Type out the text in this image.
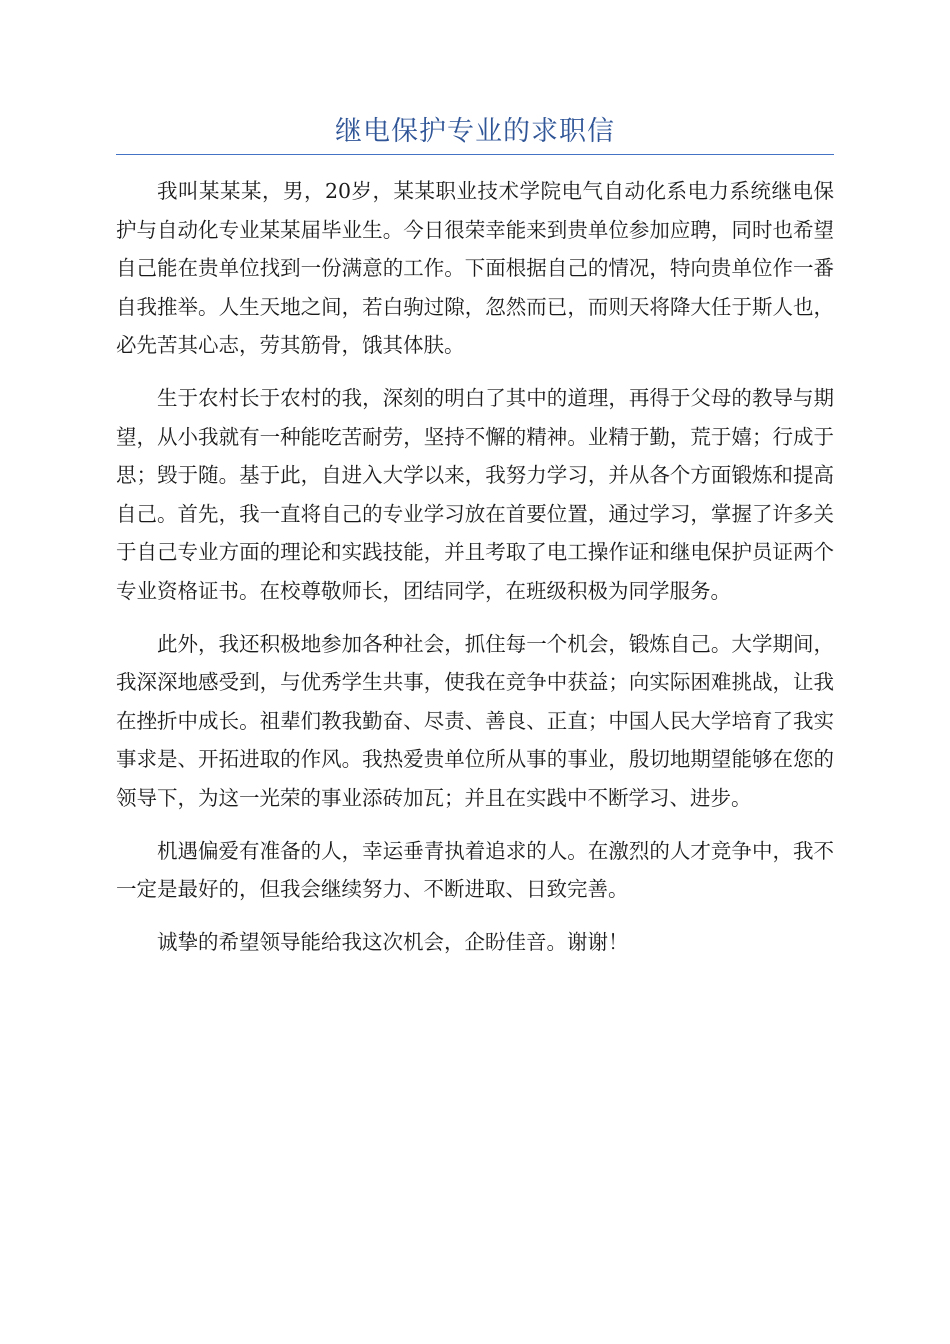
继电保护专业的求职信

我叫某某某，男，20岁，某某职业技术学院电气自动化系电力系统继电保护与自动化专业某某届毕业生。今日很荣幸能来到贵单位参加应聘，同时也希望自己能在贵单位找到一份满意的工作。下面根据自己的情况，特向贵单位作一番自我推举。人生天地之间，若白驹过隙，忽然而已，而则天将降大任于斯人也，必先苦其心志，劳其筋骨，饿其体肤。

生于农村长于农村的我，深刻的明白了其中的道理，再得于父母的教导与期望，从小我就有一种能吃苦耐劳，坚持不懈的精神。业精于勤，荒于嬉；行成于思；毁于随。基于此，自进入大学以来，我努力学习，并从各个方面锻炼和提高自己。首先，我一直将自己的专业学习放在首要位置，通过学习，掌握了许多关于自己专业方面的理论和实践技能，并且考取了电工操作证和继电保护员证两个专业资格证书。在校尊敬师长，团结同学，在班级积极为同学服务。

此外，我还积极地参加各种社会，抓住每一个机会，锻炼自己。大学期间，我深深地感受到，与优秀学生共事，使我在竞争中获益；向实际困难挑战，让我在挫折中成长。祖辈们教我勤奋、尽责、善良、正直；中国人民大学培育了我实事求是、开拓进取的作风。我热爱贵单位所从事的事业，殷切地期望能够在您的领导下，为这一光荣的事业添砖加瓦；并且在实践中不断学习、进步。

机遇偏爱有准备的人，幸运垂青执着追求的人。在激烈的人才竞争中，我不一定是最好的，但我会继续努力、不断进取、日致完善。

诚挚的希望领导能给我这次机会，企盼佳音。谢谢！
